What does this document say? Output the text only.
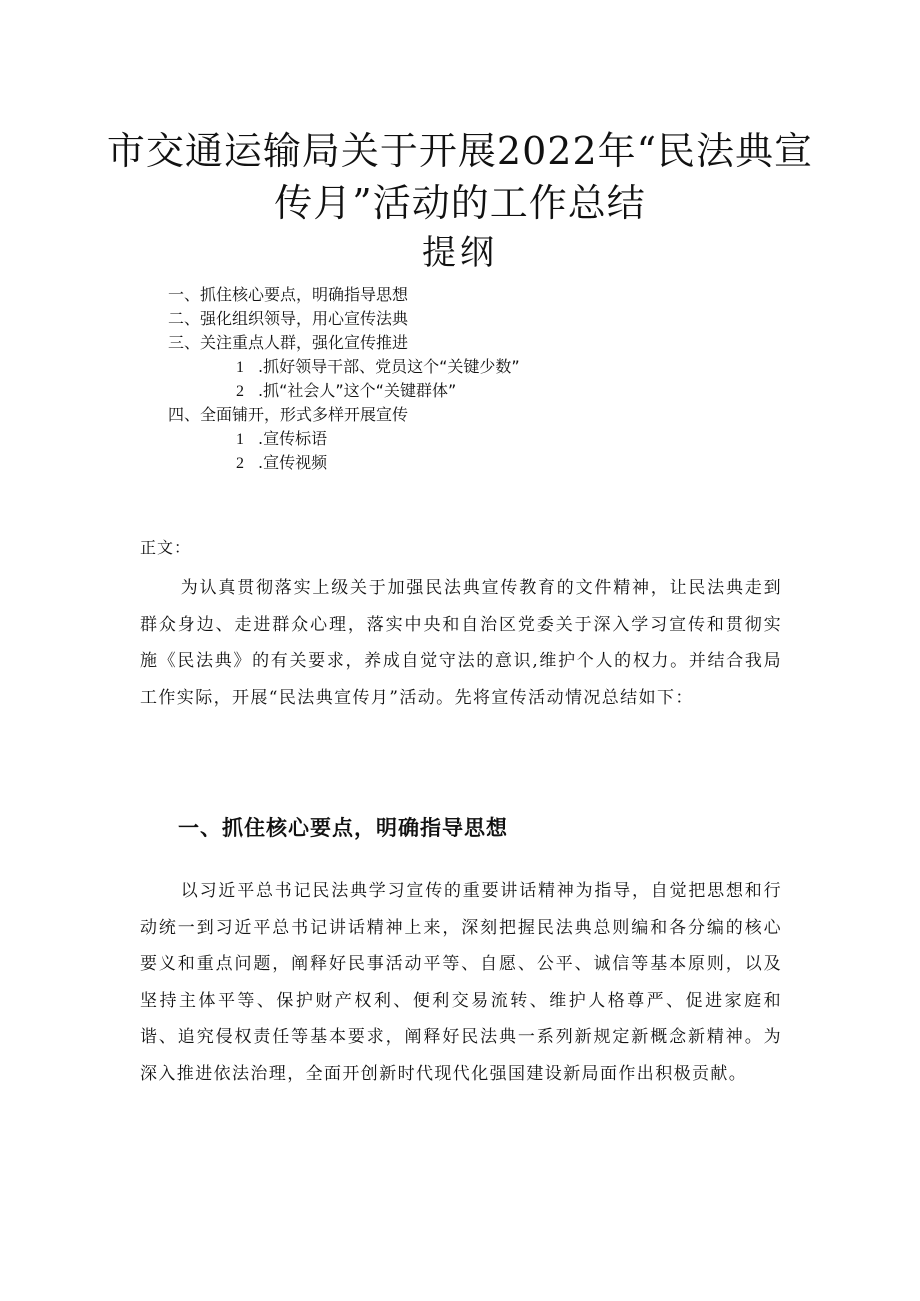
市交通运输局关于开展2022年“民法典宣
传月”活动的工作总结
提纲
一、抓住核心要点，明确指导思想
二、强化组织领导，用心宣传法典
三、关注重点人群，强化宣传推进
1 .抓好领导干部、党员这个“关键少数”
2 .抓“社会人”这个“关键群体”
四、全面铺开，形式多样开展宣传
1 .宣传标语
2 .宣传视频
正文：

为认真贯彻落实上级关于加强民法典宣传教育的文件精神，让民法典走到群众身边、走进群众心理，落实中央和自治区党委关于深入学习宣传和贯彻实施《民法典》的有关要求，养成自觉守法的意识,维护个人的权力。并结合我局工作实际，开展“民法典宣传月”活动。先将宣传活动情况总结如下：

一、抓住核心要点，明确指导思想

以习近平总书记民法典学习宣传的重要讲话精神为指导，自觉把思想和行动统一到习近平总书记讲话精神上来，深刻把握民法典总则编和各分编的核心要义和重点问题，阐释好民事活动平等、自愿、公平、诚信等基本原则，以及坚持主体平等、保护财产权利、便利交易流转、维护人格尊严、促进家庭和谐、追究侵权责任等基本要求，阐释好民法典一系列新规定新概念新精神。为深入推进依法治理，全面开创新时代现代化强国建设新局面作出积极贡献。
